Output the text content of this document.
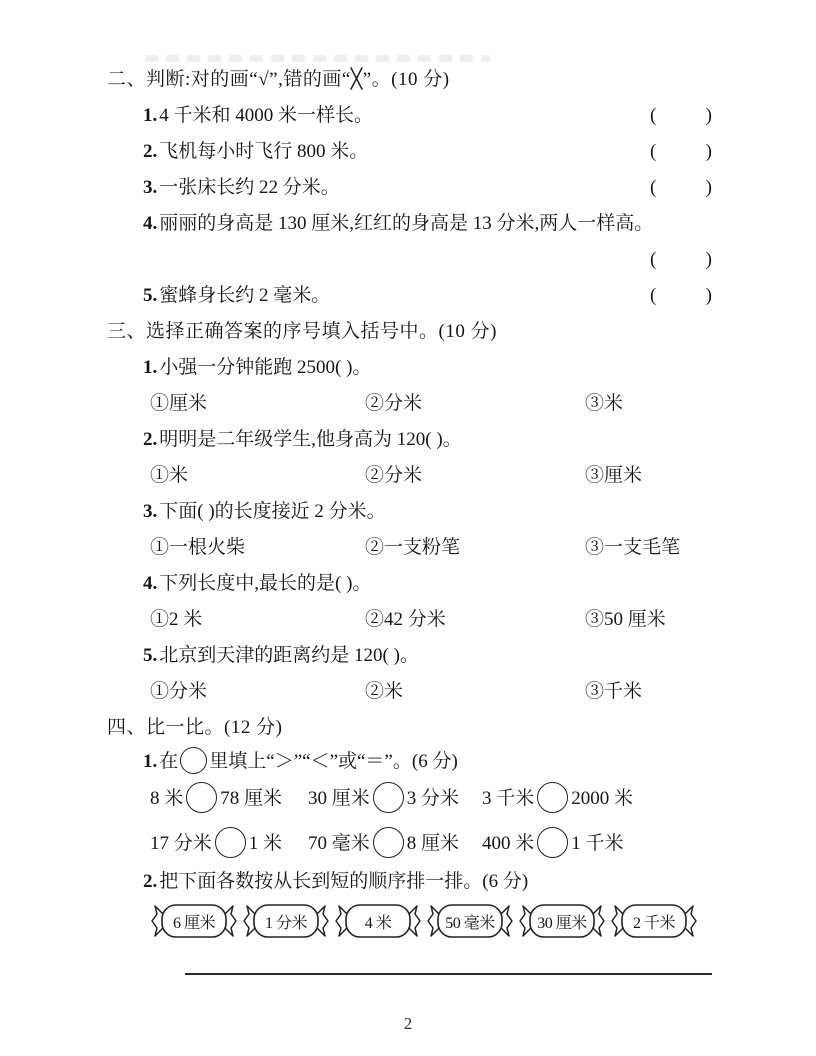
二、判断:对的画“√”,错的画“╳”。(10 分)
1. 4 千米和 4000 米一样长。	(	)
2. 飞机每小时飞行 800 米。	(	)
3. 一张床长约 22 分米。	(	)
4. 丽丽的身高是 130 厘米,红红的身高是 13 分米,两人一样高。
(	)
5. 蜜蜂身长约 2 毫米。	(	)
三、选择正确答案的序号填入括号中。(10 分)
1. 小强一分钟能跑 2500( )。
①厘米	②分米	③米
2. 明明是二年级学生,他身高为 120( )。
①米	②分米	③厘米
3. 下面( )的长度接近 2 分米。
①一根火柴	②一支粉笔	③一支毛笔
4. 下列长度中,最长的是( )。
①2 米	②42 分米	③50 厘米
5. 北京到天津的距离约是 120( )。
①分米	②米	③千米
四、比一比。(12 分)
1. 在 里填上“＞”“＜”或“＝”。(6 分)
8 米 78 厘米 30 厘米 3 分米 3 千米 2000 米
17 分米 1 米 70 毫米 8 厘米 400 米 1 千米
2. 把下面各数按从长到短的顺序排一排。(6 分)
6 厘米	1 分米	4 米	50 毫米	30 厘米	2 千米
2
